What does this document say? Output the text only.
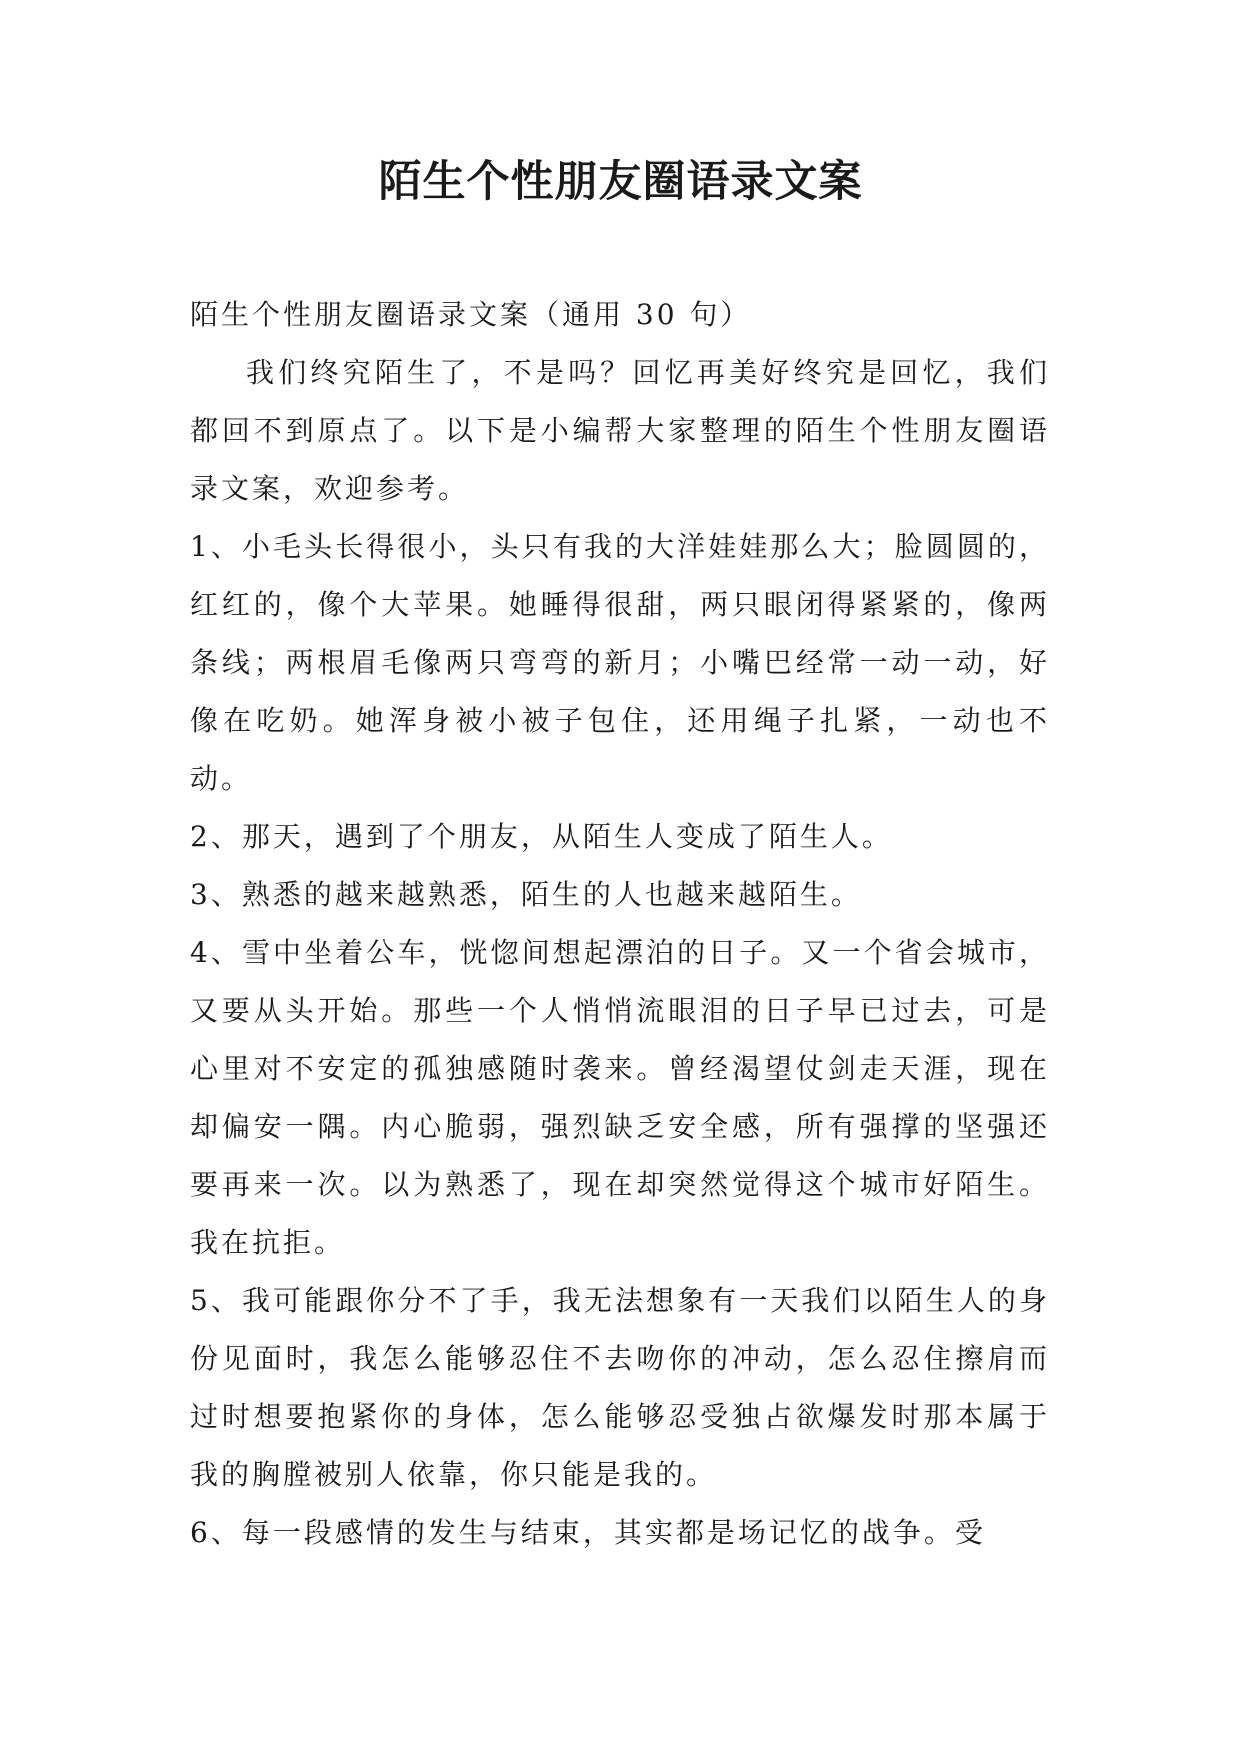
陌生个性朋友圈语录文案

陌生个性朋友圈语录文案（通用 30 句）

我们终究陌生了，不是吗？回忆再美好终究是回忆，我们都回不到原点了。以下是小编帮大家整理的陌生个性朋友圈语录文案，欢迎参考。

1、小毛头长得很小，头只有我的大洋娃娃那么大；脸圆圆的，红红的，像个大苹果。她睡得很甜，两只眼闭得紧紧的，像两条线；两根眉毛像两只弯弯的新月；小嘴巴经常一动一动，好像在吃奶。她浑身被小被子包住，还用绳子扎紧，一动也不动。

2、那天，遇到了个朋友，从陌生人变成了陌生人。

3、熟悉的越来越熟悉，陌生的人也越来越陌生。

4、雪中坐着公车，恍惚间想起漂泊的日子。又一个省会城市，又要从头开始。那些一个人悄悄流眼泪的日子早已过去，可是心里对不安定的孤独感随时袭来。曾经渴望仗剑走天涯，现在却偏安一隅。内心脆弱，强烈缺乏安全感，所有强撑的坚强还要再来一次。以为熟悉了，现在却突然觉得这个城市好陌生。我在抗拒。

5、我可能跟你分不了手，我无法想象有一天我们以陌生人的身份见面时，我怎么能够忍住不去吻你的冲动，怎么忍住擦肩而过时想要抱紧你的身体，怎么能够忍受独占欲爆发时那本属于我的胸膛被别人依靠，你只能是我的。

6、每一段感情的发生与结束，其实都是场记忆的战争。受
